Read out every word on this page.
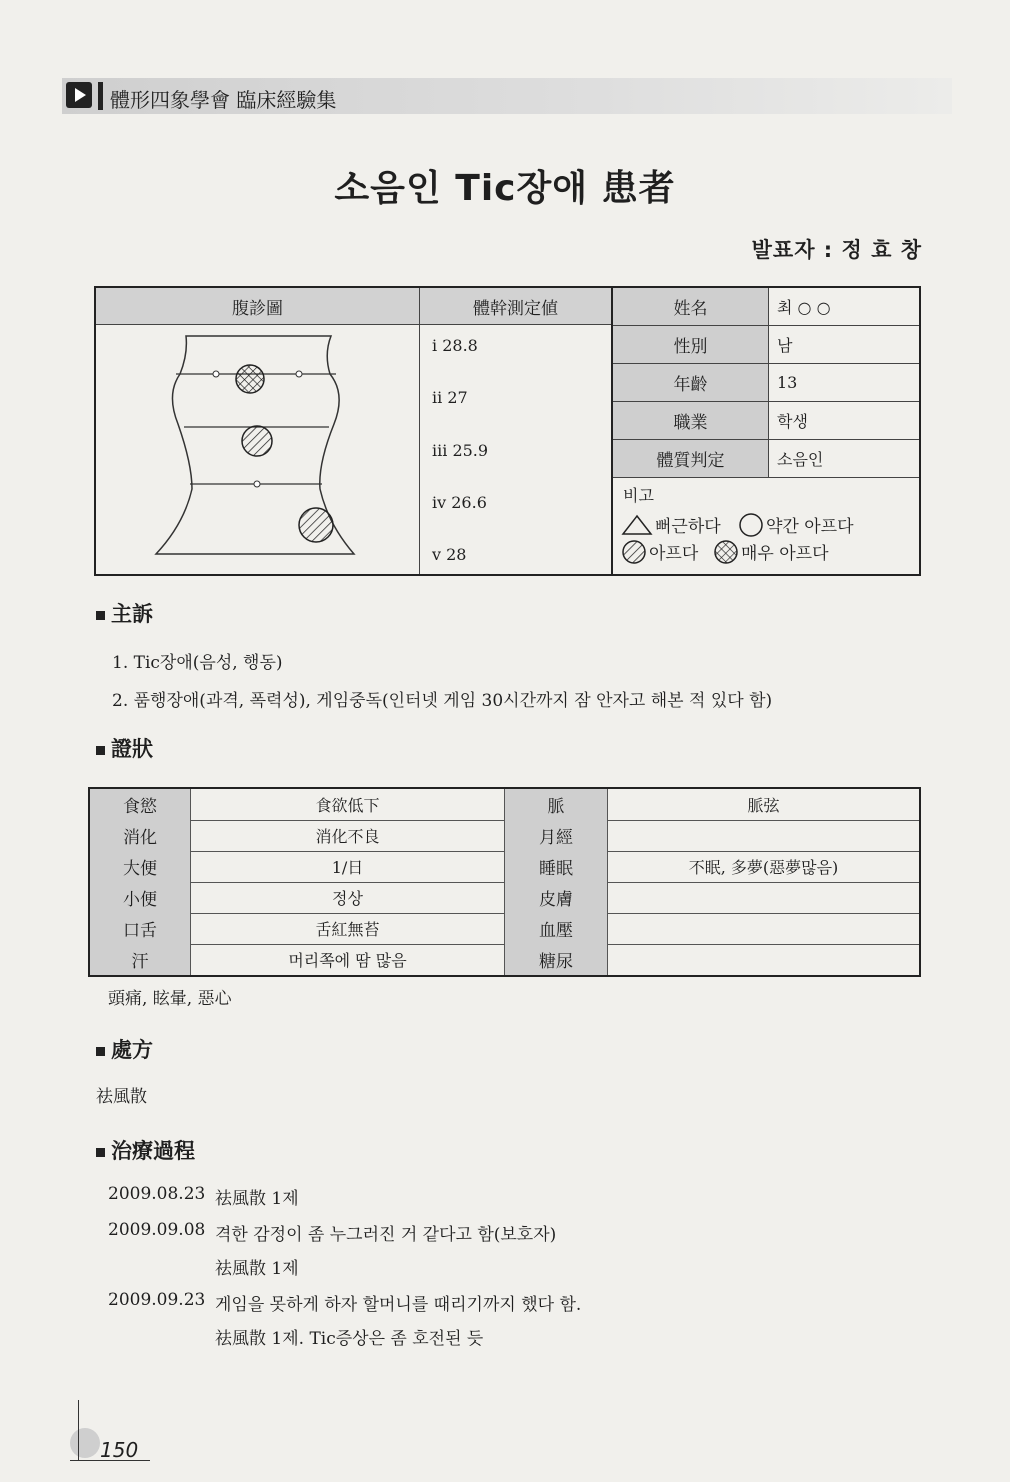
體形四象學會 臨床經驗集
소음인 Tic장애 患者
발표자 : 정 효 창
腹診圖	體幹測定値
i 28.8
ii 27
iii 25.9
iv 26.6
v 28
姓名	최 ○ ○
性別	남
年齡	13
職業	학생
體質判定	소음인
비고
뻐근하다	약간 아프다
아프다	매우 아프다
主訴
1. Tic장애(음성, 행동)
2. 품행장애(과격, 폭력성), 게임중독(인터넷 게임 30시간까지 잠 안자고 해본 적 있다 함)
證狀
食慾	食欲低下	脈	脈弦
消化	消化不良	月經
大便	1/日	睡眠	不眠, 多夢(惡夢많음)
小便	정상	皮膚
口舌	舌紅無苔	血壓
汗	머리쪽에 땀 많음	糖尿
頭痛, 眩暈, 惡心
處方
祛風散
治療過程
2009.08.23 祛風散 1제
2009.09.08 격한 감정이 좀 누그러진 거 같다고 함(보호자)
祛風散 1제
2009.09.23 게임을 못하게 하자 할머니를 때리기까지 했다 함.
祛風散 1제. Tic증상은 좀 호전된 듯
150
